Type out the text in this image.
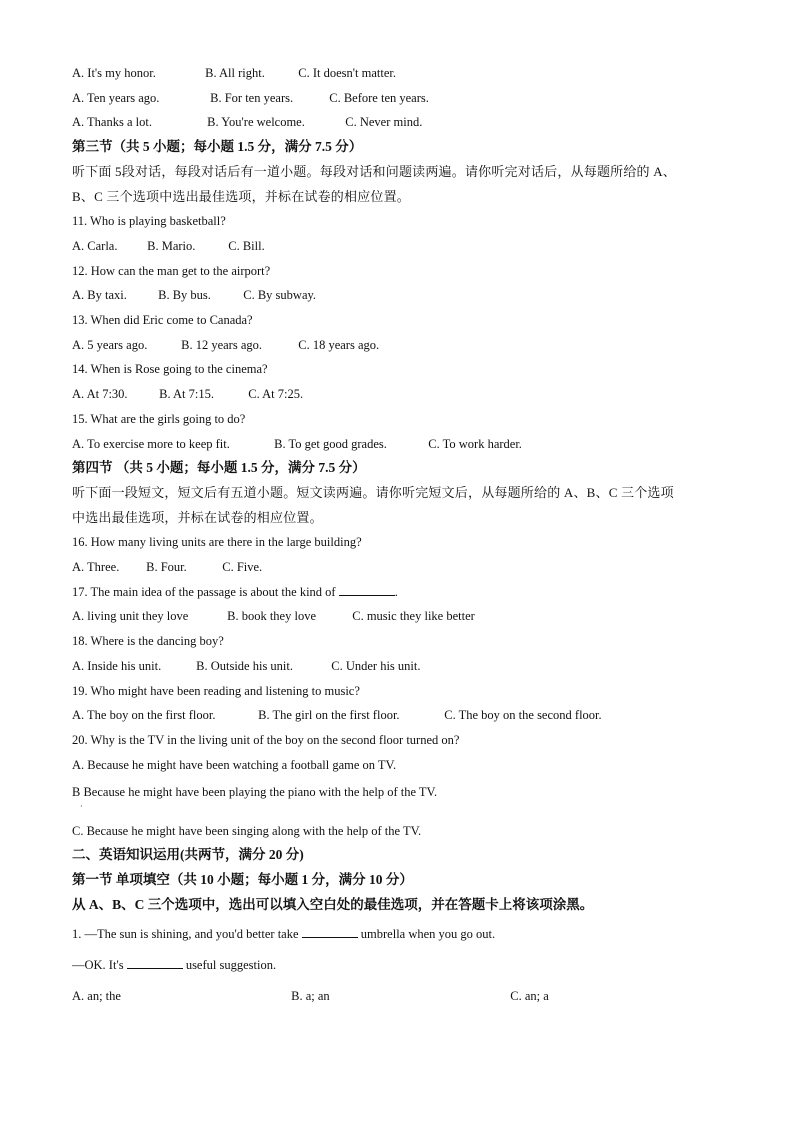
A. It's my honor.	B. All right.	C. It doesn't matter.
A. Ten years ago.	B. For ten years.	C. Before ten years.
A. Thanks a lot.	B. You're welcome.	C. Never mind.
第三节（共 5 小题；每小题 1.5 分，满分 7.5 分）
听下面 5段对话，每段对话后有一道小题。每段对话和问题读两遍。请你听完对话后，从每题所给的 A、
B、C 三个选项中选出最佳选项，并标在试卷的相应位置。
11. Who is playing basketball?
A. Carla. B. Mario.	C. Bill.
12. How can the man get to the airport?
A. By taxi.	B. By bus.	C. By subway.
13. When did Eric come to Canada?
A. 5 years ago.	B. 12 years ago.	C. 18 years ago.
14. When is Rose going to the cinema?
A. At 7:30.	B. At 7:15.	C. At 7:25.
15. What are the girls going to do?
A. To exercise more to keep fit.	B. To get good grades.	C. To work harder.
第四节 （共 5 小题；每小题 1.5 分，满分 7.5 分）
听下面一段短文，短文后有五道小题。短文读两遍。请你听完短文后，从每题所给的 A、B、C 三个选项
中选出最佳选项，并标在试卷的相应位置。
16. How many living units are there in the large building?
A. Three. B. Four.	C. Five.
17. The main idea of the passage is about the kind of	.
A. living unit they love	B. book they love	C. music they like better
18. Where is the dancing boy?
A. Inside his unit.	B. Outside his unit.	C. Under his unit.
19. Who might have been reading and listening to music?
A. The boy on the first floor.	B. The girl on the first floor.	C. The boy on the second floor.
20. Why is the TV in the living unit of the boy on the second floor turned on?
A. Because he might have been watching a football game on TV.
B Because he might have been playing the piano with the help of the TV.
·
C. Because he might have been singing along with the help of the TV.
二、英语知识运用(共两节，满分 20 分)
第一节 单项填空（共 10 小题；每小题 1 分，满分 10 分）
从 A、B、C 三个选项中，选出可以填入空白处的最佳选项，并在答题卡上将该项涂黑。
1. —The sun is shining, and you'd better take	umbrella when you go out.
—OK. It's	useful suggestion.
A. an; the	B. a; an	C. an; a
